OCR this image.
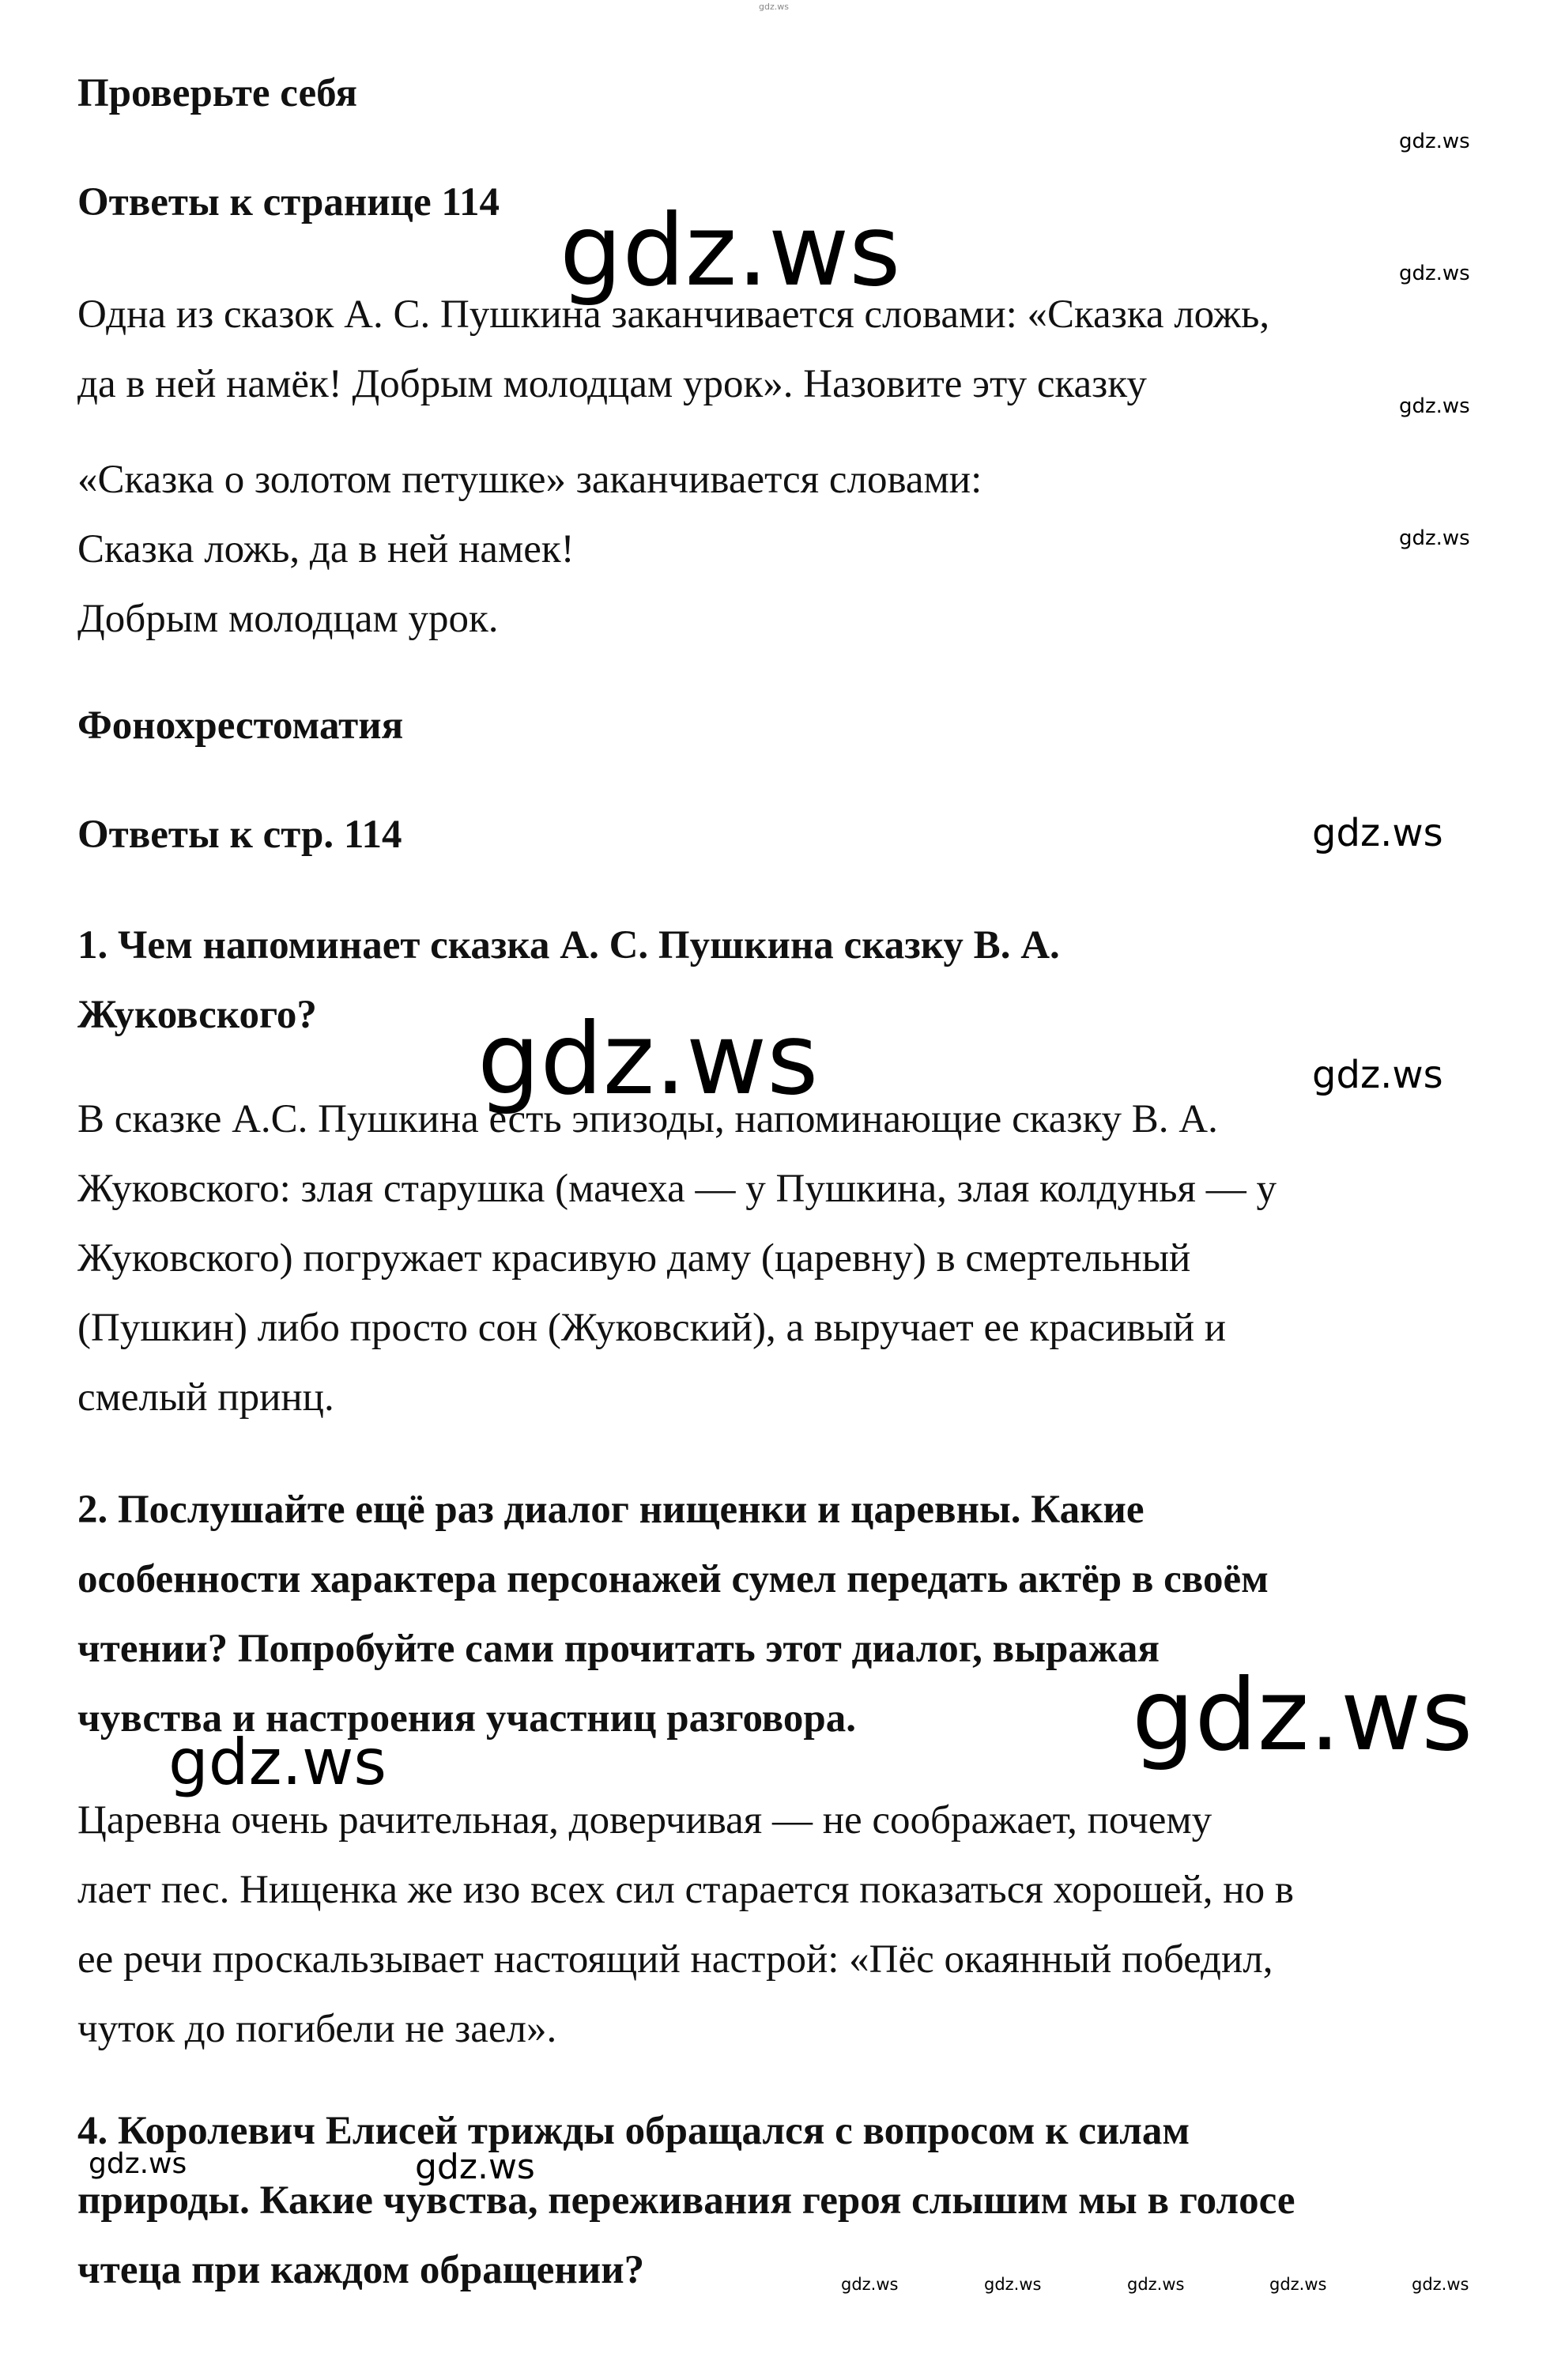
Проверьте себя
Ответы к странице 114

Одна из сказок А. С. Пушкина заканчивается словами: «Сказка ложь,
да в ней намёк! Добрым молодцам урок». Назовите эту сказку

«Сказка о золотом петушке» заканчивается словами:
Сказка ложь, да в ней намек!
Добрым молодцам урок.

Фонохрестоматия
Ответы к стр. 114
1. Чем напоминает сказка А. С. Пушкина сказку В. А.
Жуковского?

В сказке А.С. Пушкина есть эпизоды, напоминающие сказку В. А.
Жуковского: злая старушка (мачеха — у Пушкина, злая колдунья — у
Жуковского) погружает красивую даму (царевну) в смертельный
(Пушкин) либо просто сон (Жуковский), а выручает ее красивый и
смелый принц.

2. Послушайте ещё раз диалог нищенки и царевны. Какие
особенности характера персонажей сумел передать актёр в своём
чтении? Попробуйте сами прочитать этот диалог, выражая
чувства и настроения участниц разговора.

Царевна очень рачительная, доверчивая — не соображает, почему
лает пес. Нищенка же изо всех сил старается показаться хорошей, но в
ее речи проскальзывает настоящий настрой: «Пёс окаянный победил,
чуток до погибели не заел».

4. Королевич Елисей трижды обращался с вопросом к силам
природы. Какие чувства, переживания героя слышим мы в голосе
чтеца при каждом обращении?
gdz.ws
gdz.ws
gdz.ws
gdz.ws
gdz.ws
gdz.ws
gdz.ws
gdz.ws
gdz.ws
gdz.ws
gdz.ws
gdz.ws	gdz.ws
gdz.ws	gdz.ws	gdz.ws	gdz.ws	gdz.ws
